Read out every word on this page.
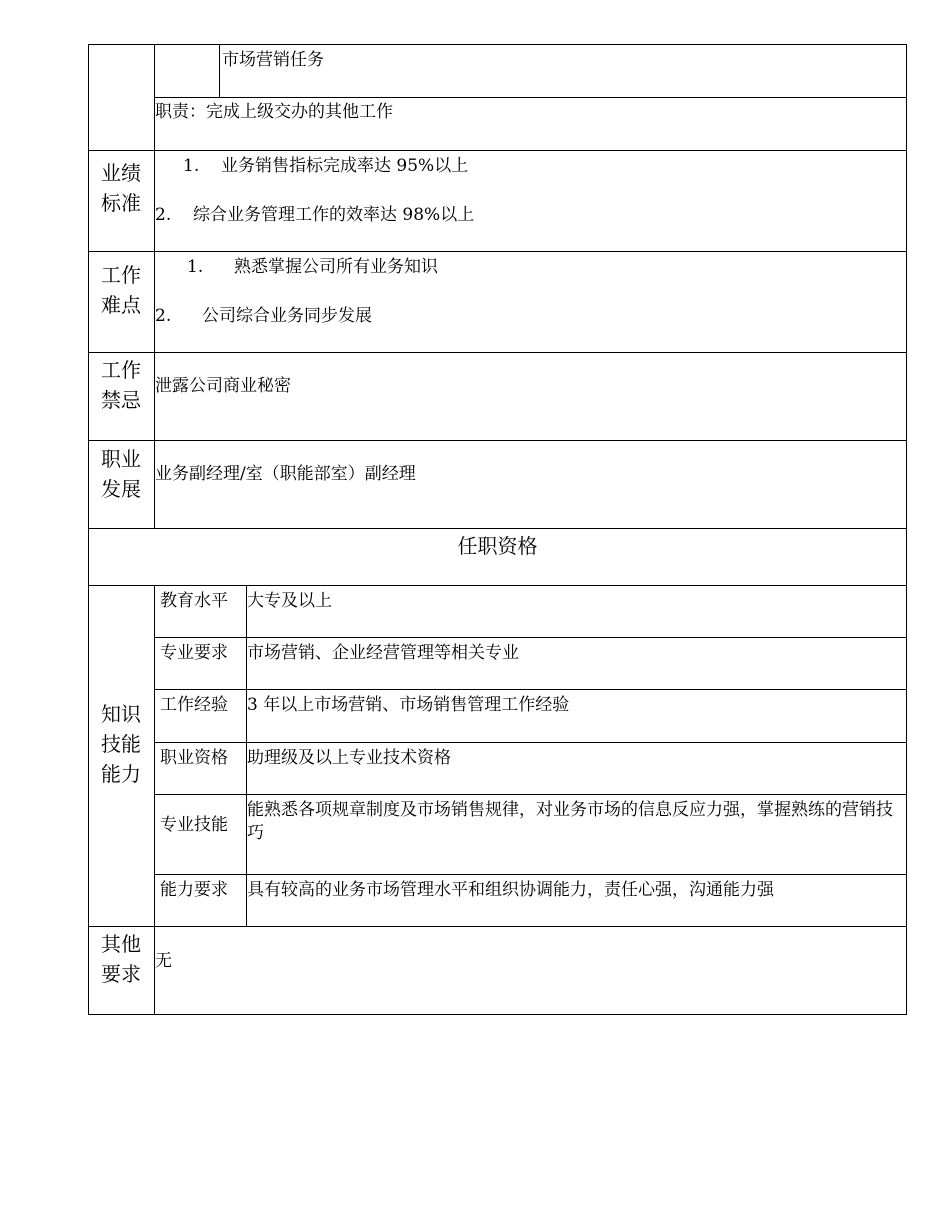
市场营销任务
职责：完成上级交办的其他工作
业绩
标准
1. 业务销售指标完成率达 95%以上
2. 综合业务管理工作的效率达 98%以上
工作
难点
1. 熟悉掌握公司所有业务知识
2. 公司综合业务同步发展
工作
禁忌
泄露公司商业秘密
职业
发展
业务副经理/室（职能部室）副经理
任职资格
知识
技能
能力
教育水平 大专及以上
专业要求 市场营销、企业经营管理等相关专业
工作经验 3 年以上市场营销、市场销售管理工作经验
职业资格 助理级及以上专业技术资格
专业技能
能熟悉各项规章制度及市场销售规律，对业务市场的信息反应力强，掌握熟练的营销技巧
能力要求 具有较高的业务市场管理水平和组织协调能力，责任心强，沟通能力强
其他
要求
无
